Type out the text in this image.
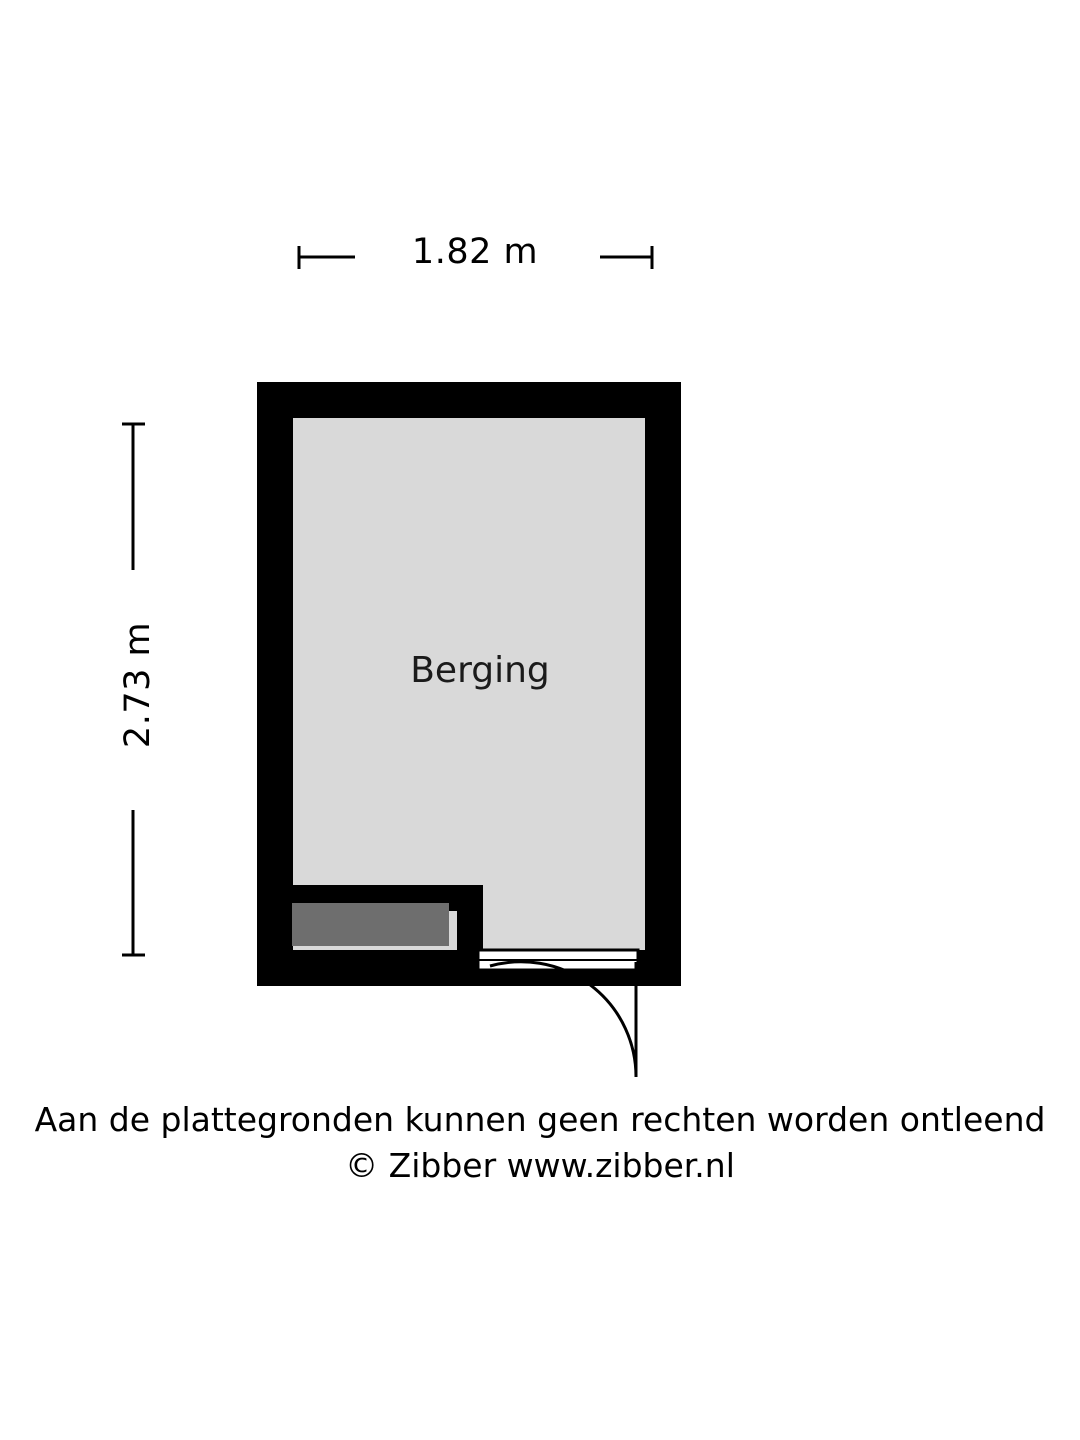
1.82 m
2.73 m	Berging
Aan de plattegronden kunnen geen rechten worden ontleend
© Zibber www.zibber.nl
